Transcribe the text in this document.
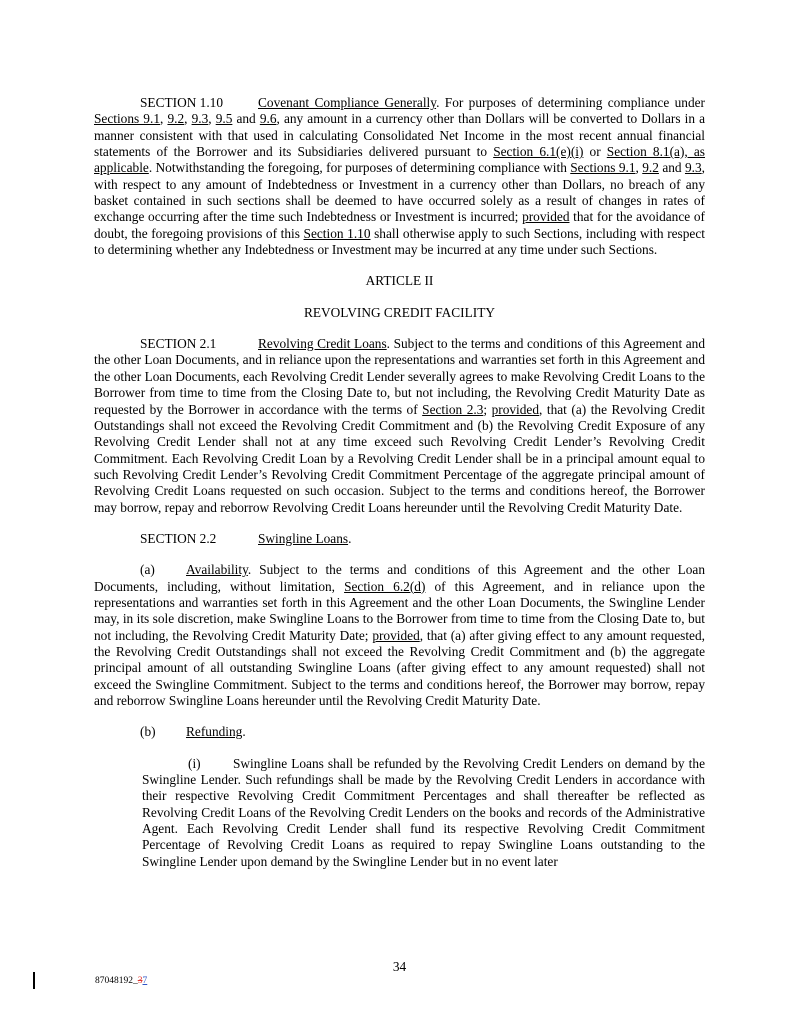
SECTION 1.10	Covenant Compliance Generally. For purposes of determining compliance under Sections 9.1, 9.2, 9.3, 9.5 and 9.6, any amount in a currency other than Dollars will be converted to Dollars in a manner consistent with that used in calculating Consolidated Net Income in the most recent annual financial statements of the Borrower and its Subsidiaries delivered pursuant to Section 6.1(e)(i) or Section 8.1(a), as applicable. Notwithstanding the foregoing, for purposes of determining compliance with Sections 9.1, 9.2 and 9.3, with respect to any amount of Indebtedness or Investment in a currency other than Dollars, no breach of any basket contained in such sections shall be deemed to have occurred solely as a result of changes in rates of exchange occurring after the time such Indebtedness or Investment is incurred; provided that for the avoidance of doubt, the foregoing provisions of this Section 1.10 shall otherwise apply to such Sections, including with respect to determining whether any Indebtedness or Investment may be incurred at any time under such Sections.

ARTICLE II

REVOLVING CREDIT FACILITY

SECTION 2.1	Revolving Credit Loans. Subject to the terms and conditions of this Agreement and the other Loan Documents, and in reliance upon the representations and warranties set forth in this Agreement and the other Loan Documents, each Revolving Credit Lender severally agrees to make Revolving Credit Loans to the Borrower from time to time from the Closing Date to, but not including, the Revolving Credit Maturity Date as requested by the Borrower in accordance with the terms of Section 2.3; provided, that (a) the Revolving Credit Outstandings shall not exceed the Revolving Credit Commitment and (b) the Revolving Credit Exposure of any Revolving Credit Lender shall not at any time exceed such Revolving Credit Lender’s Revolving Credit Commitment. Each Revolving Credit Loan by a Revolving Credit Lender shall be in a principal amount equal to such Revolving Credit Lender’s Revolving Credit Commitment Percentage of the aggregate principal amount of Revolving Credit Loans requested on such occasion. Subject to the terms and conditions hereof, the Borrower may borrow, repay and reborrow Revolving Credit Loans hereunder until the Revolving Credit Maturity Date.

SECTION 2.2	Swingline Loans.

(a) Availability. Subject to the terms and conditions of this Agreement and the other Loan Documents, including, without limitation, Section 6.2(d) of this Agreement, and in reliance upon the representations and warranties set forth in this Agreement and the other Loan Documents, the Swingline Lender may, in its sole discretion, make Swingline Loans to the Borrower from time to time from the Closing Date to, but not including, the Revolving Credit Maturity Date; provided, that (a) after giving effect to any amount requested, the Revolving Credit Outstandings shall not exceed the Revolving Credit Commitment and (b) the aggregate principal amount of all outstanding Swingline Loans (after giving effect to any amount requested) shall not exceed the Swingline Commitment. Subject to the terms and conditions hereof, the Borrower may borrow, repay and reborrow Swingline Loans hereunder until the Revolving Credit Maturity Date.

(b) Refunding.

(i) Swingline Loans shall be refunded by the Revolving Credit Lenders on demand by the Swingline Lender. Such refundings shall be made by the Revolving Credit Lenders in accordance with their respective Revolving Credit Commitment Percentages and shall thereafter be reflected as Revolving Credit Loans of the Revolving Credit Lenders on the books and records of the Administrative Agent. Each Revolving Credit Lender shall fund its respective Revolving Credit Commitment Percentage of Revolving Credit Loans as required to repay Swingline Loans outstanding to the Swingline Lender upon demand by the Swingline Lender but in no event later

34
87048192_37
